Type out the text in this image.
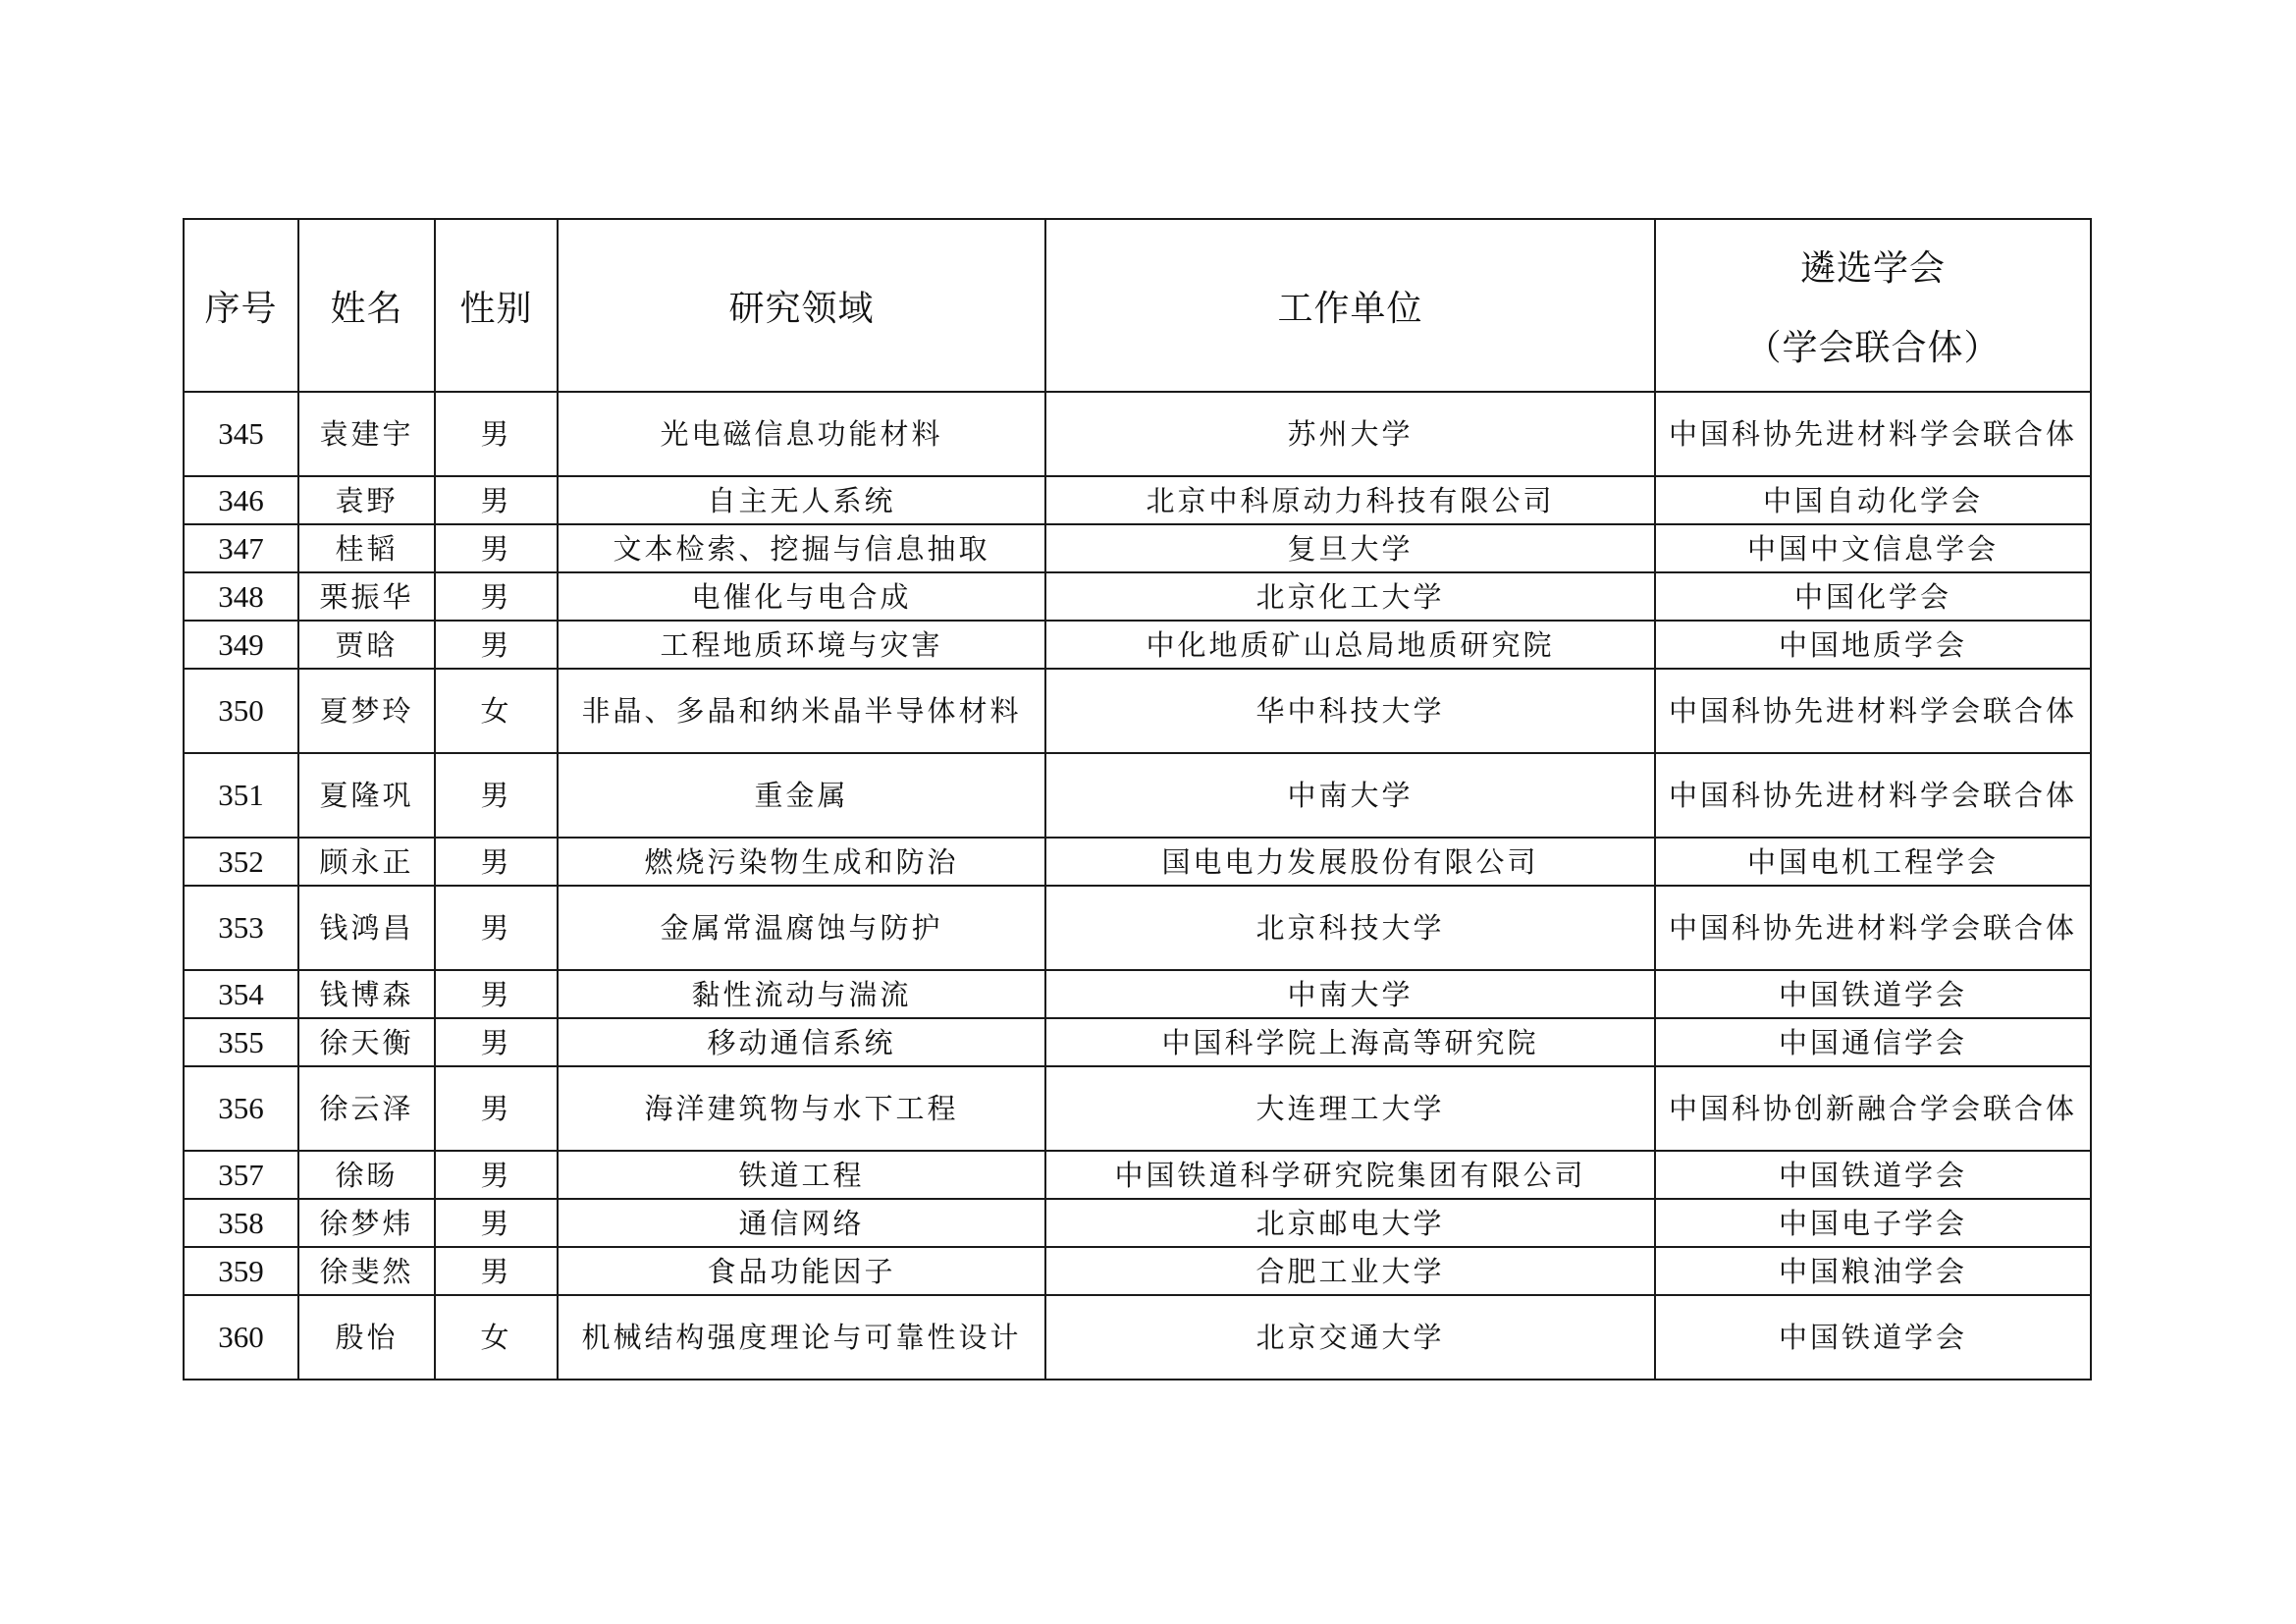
序号	姓名	性别	研究领域	工作单位	遴选学会
（学会联合体）

345	袁建宇	男	光电磁信息功能材料	苏州大学	中国科协先进材料学会联合体
346	袁野	男	自主无人系统	北京中科原动力科技有限公司	中国自动化学会
347	桂韬	男	文本检索、挖掘与信息抽取	复旦大学	中国中文信息学会
348	栗振华	男	电催化与电合成	北京化工大学	中国化学会
349	贾晗	男	工程地质环境与灾害	中化地质矿山总局地质研究院	中国地质学会
350	夏梦玲	女	非晶、多晶和纳米晶半导体材料	华中科技大学	中国科协先进材料学会联合体
351	夏隆巩	男	重金属	中南大学	中国科协先进材料学会联合体
352	顾永正	男	燃烧污染物生成和防治	国电电力发展股份有限公司	中国电机工程学会
353	钱鸿昌	男	金属常温腐蚀与防护	北京科技大学	中国科协先进材料学会联合体
354	钱博森	男	黏性流动与湍流	中南大学	中国铁道学会
355	徐天衡	男	移动通信系统	中国科学院上海高等研究院	中国通信学会
356	徐云泽	男	海洋建筑物与水下工程	大连理工大学	中国科协创新融合学会联合体
357	徐旸	男	铁道工程	中国铁道科学研究院集团有限公司	中国铁道学会
358	徐梦炜	男	通信网络	北京邮电大学	中国电子学会
359	徐斐然	男	食品功能因子	合肥工业大学	中国粮油学会
360	殷怡	女	机械结构强度理论与可靠性设计	北京交通大学	中国铁道学会
